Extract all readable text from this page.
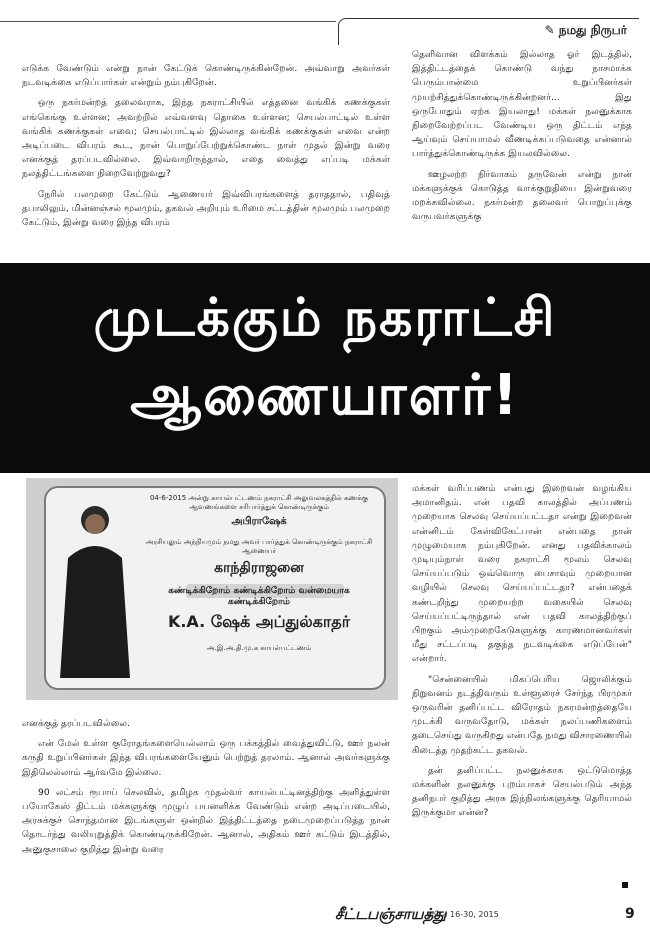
✎ நமது நிருபர்

எடுக்க வேண்டும் என்று நான் கேட்டுக் கொண்டிருக்கின்றேன். அவ்வாறு அவர்கள் நடவடிக்கை எடுப்பார்கள் என்றும் நம்புகிறேன்.

ஒரு நகர்மன்றத் தலைவராக, இந்த நகராட்சியில் எத்தனை வங்கிக் கணக்குகள் எங்கெங்கு உள்ளன; அவற்றில் எவ்வளவு தொகை உள்ளன; செயல்பாட்டில் உள்ள வங்கிக் கணக்குகள் எவை; செயல்பாட்டில் இல்லாத வங்கிக் கணக்குகள் எவை என்ற அடிப்படை விபரம் கூட, நான் பொறுப்பேற்றுக்கொண்ட நாள் முதல் இன்று வரை எனக்குத் தரப்படவில்லை. இவ்வாறிருந்தால், எதை வைத்து எப்படி மக்கள் நலத்திட்டங்களை நிறைவேற்றுவது?

நேரில் பலமுறை கேட்டும் ஆணையர் இவ்விபரங்களைத் தராததால், பதிவுத் தபாலிலும், மின்னஞ்சல் மூலமும், தகவல் அறியும் உரிமை சட்டத்தின் மூலமும் பலமுறை கேட்டும், இன்று வரை இந்த விபரம்

தெளிவான விளக்கம் இல்லாத ஓர் இடத்தில், இத்திட்டத்தைக் கொண்டு வந்து நாசமாக்க பெரும்பான்மை உறுப்பினர்கள் முயற்சித்துக்கொண்டிருக்கின்றனர்... இது ஒருபோதும் ஏற்க இயலாது! மக்கள் நலனுக்காக நிறைவேற்றப்பட வேண்டிய ஒரு திட்டம் எந்த ஆய்வும் செய்யாமல் வீணடிக்கப்படுவதை என்னால் பார்த்துக்கொண்டிருக்க இயலவில்லை.

ஊழலற்ற நிர்வாகம் தருவேன் என்று நான் மக்களுக்குக் கொடுத்த வாக்குறுதியை இன்றுவரை மறக்கவில்லை. நகர்மன்ற தலைவர் பொறுப்புக்கு வருபவர்களுக்கு

முடக்கும் நகராட்சி
ஆணையாளர்!
04-6-2015 அன்று காயல்பட்டணம் நகராட்சி அலுவலகத்தில் கணக்கு ஆவணங்களை சரிபார்த்துக் கொண்டிருக்கும்
அபிராஷேக்
அரசியலும் அந்நியமும் நமது அவர் பார்த்துக் கொண்டிருக்கும் நகராட்சி ஆணையர்
காந்திராஜனை
கண்டிக்கிறோம் கண்டிக்கிறோம் வன்மையாக கண்டிக்கிறோம்
K.A. ஷேக் அப்துல்காதர்
அ.இ.அ.தி.மு.க காயல்பட்டணம்

எனக்குத் தரப்படவில்லை.

என் மேல் உள்ள குரோதங்களையெல்லாம் ஒரு பக்கத்தில் வைத்துவிட்டு, ஊர் நலன் கருதி உறுப்பினர்கள் இந்த விபரங்களையேனும் பெற்றுத் தரலாம். ஆனால் அவர்களுக்கு இதிலெல்லாம் ஆர்வமே இல்லை.

90 லட்சம் ரூபாய் செலவில், தமிழக முதல்வர் காயல்பட்டினத்திற்கு அளித்துள்ள பயோகேஸ் திட்டம் மக்களுக்கு முழுப் பயனளிக்க வேண்டும் என்ற அடிப்படையில், அரசுக்குச் சொந்தமான இடங்களுள் ஒன்றில் இத்திட்டத்தை நடைமுறைப்படுத்த நான் தொடர்ந்து வலியுறுத்திக் கொண்டிருக்கிறேன். ஆனால், அதிகம் ஊர் கட்டும் இடத்தில், அனுகுசாலை குறித்து இன்று வரை

மக்கள் வரிப்பணம் என்பது இறைவன் வழங்கிய அமானிதம். என் பதவி காலத்தில் அப்பணம் முறையாக செலவு செய்யப்பட்டதா என்று இறைவன் என்னிடம் கேள்விகேட்பான் என்பதை நான் முழுமையாக நம்புகிறேன். எனது பதவிக்காலம் முடியும்நாள் வரை நகராட்சி மூலம் செலவு செய்யப்படும் ஒவ்வொரு பைசாவும் முறையான வழியில் செலவு செய்யப்பட்டதா? என்பதைக் கண்டறிந்து முறையற்ற வகையில் செலவு செய்யப்பட்டிருந்தால் என் பதவி காலத்திற்குப் பிறகும் அம்முறைகேடுகளுக்கு காரணமானவர்கள் மீது சட்டப்படி தகுந்த நடவடிக்கை எடுப்பேன்" என்றார்.

"சென்னையில் மிகப்பெரிய ஜொலிக்கும் நிறுவனம் நடத்திவரும் உள்ளூரைச் சேர்ந்த பிரமுகர் ஒருவரின் தனிப்பட்ட விரோதம் நகரமன்றத்தையே முடக்கி வருவதோடு, மக்கள் நலப்பணிகளைம் தடைசெய்து வருகிறது என்பதே நமது விசாரணையில் கிடைத்த முதற்கட்ட தகவல்.

தன் தனிப்பட்ட நலனுக்காக ஒட்டுமொத்த மக்களின் நலனுக்கு புறம்பாகச் செயல்படும் அந்த தனிநபர் குறித்து அரசு இந்நிலங்களுக்கு தெரியாமல் இருக்குமா என்ன?

சீட்டபஞ்சாயத்து
ஜூன் 16-30, 2015	9
